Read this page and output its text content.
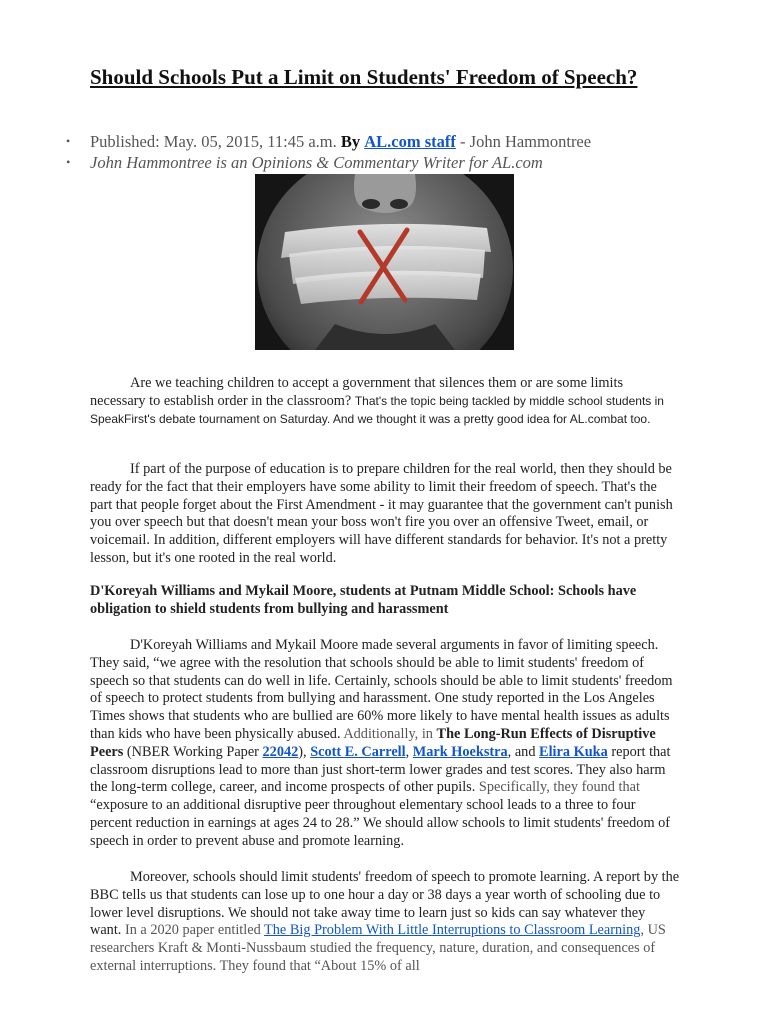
Should Schools Put a Limit on Students' Freedom of Speech?
• Published: May. 05, 2015, 11:45 a.m. By AL.com staff - John Hammontree
• John Hammontree is an Opinions & Commentary Writer for AL.com

Are we teaching children to accept a government that silences them or are some limits necessary to establish order in the classroom? That's the topic being tackled by middle school students in SpeakFirst's debate tournament on Saturday. And we thought it was a pretty good idea for AL.combat too.

If part of the purpose of education is to prepare children for the real world, then they should be ready for the fact that their employers have some ability to limit their freedom of speech. That's the part that people forget about the First Amendment - it may guarantee that the government can't punish you over speech but that doesn't mean your boss won't fire you over an offensive Tweet, email, or voicemail. In addition, different employers will have different standards for behavior. It's not a pretty lesson, but it's one rooted in the real world.

D'Koreyah Williams and Mykail Moore, students at Putnam Middle School: Schools have obligation to shield students from bullying and harassment

D'Koreyah Williams and Mykail Moore made several arguments in favor of limiting speech. They said, “we agree with the resolution that schools should be able to limit students' freedom of speech so that students can do well in life. Certainly, schools should be able to limit students' freedom of speech to protect students from bullying and harassment. One study reported in the Los Angeles Times shows that students who are bullied are 60% more likely to have mental health issues as adults than kids who have been physically abused. Additionally, in The Long-Run Effects of Disruptive Peers (NBER Working Paper 22042), Scott E. Carrell, Mark Hoekstra, and Elira Kuka report that classroom disruptions lead to more than just short-term lower grades and test scores. They also harm the long-term college, career, and income prospects of other pupils. Specifically, they found that “exposure to an additional disruptive peer throughout elementary school leads to a three to four percent reduction in earnings at ages 24 to 28.” We should allow schools to limit students' freedom of speech in order to prevent abuse and promote learning.

Moreover, schools should limit students' freedom of speech to promote learning. A report by the BBC tells us that students can lose up to one hour a day or 38 days a year worth of schooling due to lower level disruptions. We should not take away time to learn just so kids can say whatever they want. In a 2020 paper entitled The Big Problem With Little Interruptions to Classroom Learning, US researchers Kraft & Monti-Nussbaum studied the frequency, nature, duration, and consequences of external interruptions. They found that “About 15% of all
